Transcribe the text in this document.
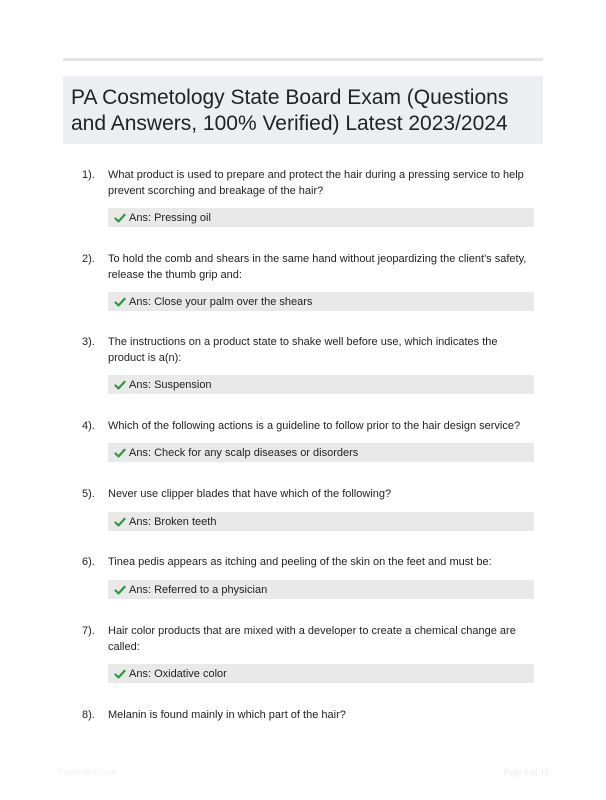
PA Cosmetology State Board Exam (Questions and Answers, 100% Verified) Latest 2023/2024
1). What product is used to prepare and protect the hair during a pressing service to help prevent scorching and breakage of the hair?
Ans: Pressing oil
2). To hold the comb and shears in the same hand without jeopardizing the client's safety, release the thumb grip and:
Ans: Close your palm over the shears
3). The instructions on a product state to shake well before use, which indicates the product is a(n):
Ans: Suspension
4). Which of the following actions is a guideline to follow prior to the hair design service?
Ans: Check for any scalp diseases or disorders
5). Never use clipper blades that have which of the following?
Ans: Broken teeth
6). Tinea pedis appears as itching and peeling of the skin on the feet and must be:
Ans: Referred to a physician
7). Hair color products that are mixed with a developer to create a chemical change are called:
Ans: Oxidative color
8). Melanin is found mainly in which part of the hair?
Paperslibr.com	Page 1 of 12
